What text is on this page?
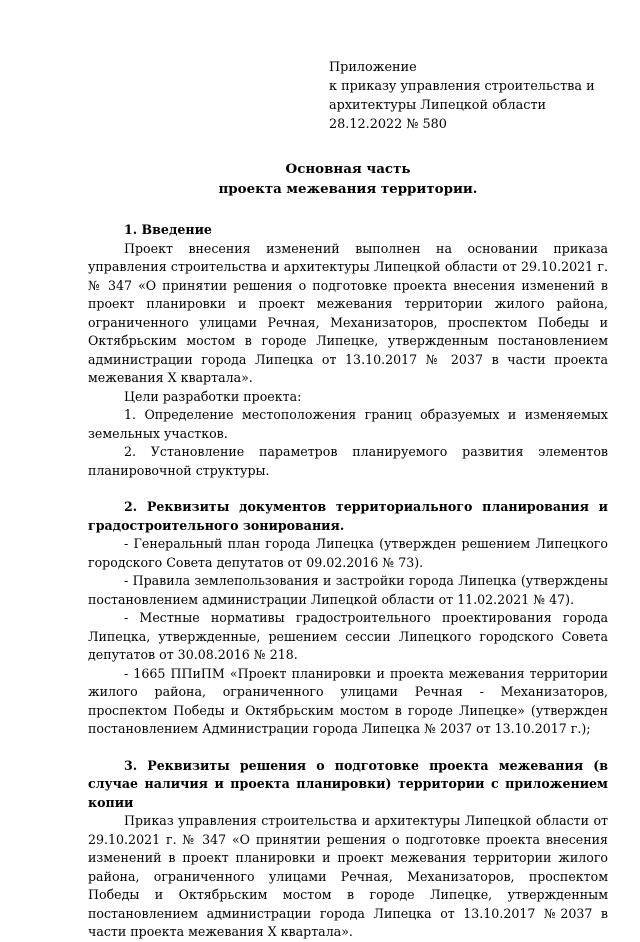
Приложение
к приказу управления строительства и
архитектуры Липецкой области
28.12.2022 № 580
Основная часть
проекта межевания территории.
1. Введение

Проект внесения изменений выполнен на основании приказа управления строительства и архитектуры Липецкой области от 29.10.2021 г. № 347 «О принятии решения о подготовке проекта внесения изменений в проект планировки и проект межевания территории жилого района, ограниченного улицами Речная, Механизаторов, проспектом Победы и Октябрьским мостом в городе Липецке, утвержденным постановлением администрации города Липецка от 13.10.2017 № 2037 в части проекта межевания X квартала».

Цели разработки проекта:

1. Определение местоположения границ образуемых и изменяемых земельных участков.

2. Установление параметров планируемого развития элементов планировочной структуры.

2. Реквизиты документов территориального планирования и градостроительного зонирования.

- Генеральный план города Липецка (утвержден решением Липецкого городского Совета депутатов от 09.02.2016 № 73).

- Правила землепользования и застройки города Липецка (утверждены постановлением администрации Липецкой области от 11.02.2021 № 47).

- Местные нормативы градостроительного проектирования города Липецка, утвержденные, решением сессии Липецкого городского Совета депутатов от 30.08.2016 № 218.

- 1665 ППиПМ «Проект планировки и проекта межевания территории жилого района, ограниченного улицами Речная - Механизаторов, проспектом Победы и Октябрьским мостом в городе Липецке» (утвержден постановлением Администрации города Липецка № 2037 от 13.10.2017 г.);

3. Реквизиты решения о подготовке проекта межевания (в случае наличия и проекта планировки) территории с приложением копии

Приказ управления строительства и архитектуры Липецкой области от 29.10.2021 г. № 347 «О принятии решения о подготовке проекта внесения изменений в проект планировки и проект межевания территории жилого района, ограниченного улицами Речная, Механизаторов, проспектом Победы и Октябрьским мостом в городе Липецке, утвержденным постановлением администрации города Липецка от 13.10.2017 №2037 в части проекта межевания X квартала».
